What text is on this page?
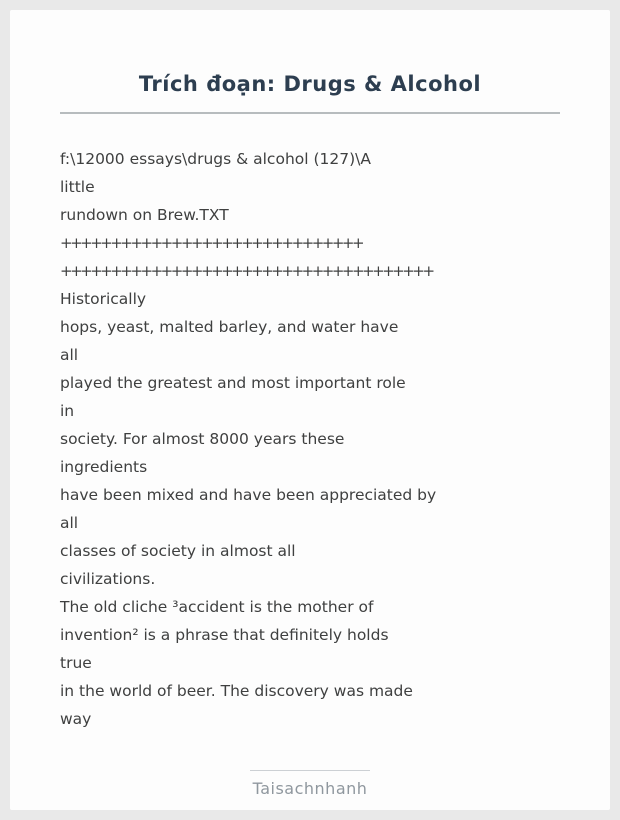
Trích đoạn: Drugs & Alcohol
f:\12000 essays\drugs & alcohol (127)\A
little
rundown on Brew.TXT
++++++++++++++++++++++++++++++
+++++++++++++++++++++++++++++++++++++
Historically
hops, yeast, malted barley, and water have
all
played the greatest and most important role
in
society. For almost 8000 years these
ingredients
have been mixed and have been appreciated by
all
classes of society in almost all
civilizations.
The old cliche ³accident is the mother of
invention² is a phrase that definitely holds
true
in the world of beer. The discovery was made
way
Taisachnhanh
